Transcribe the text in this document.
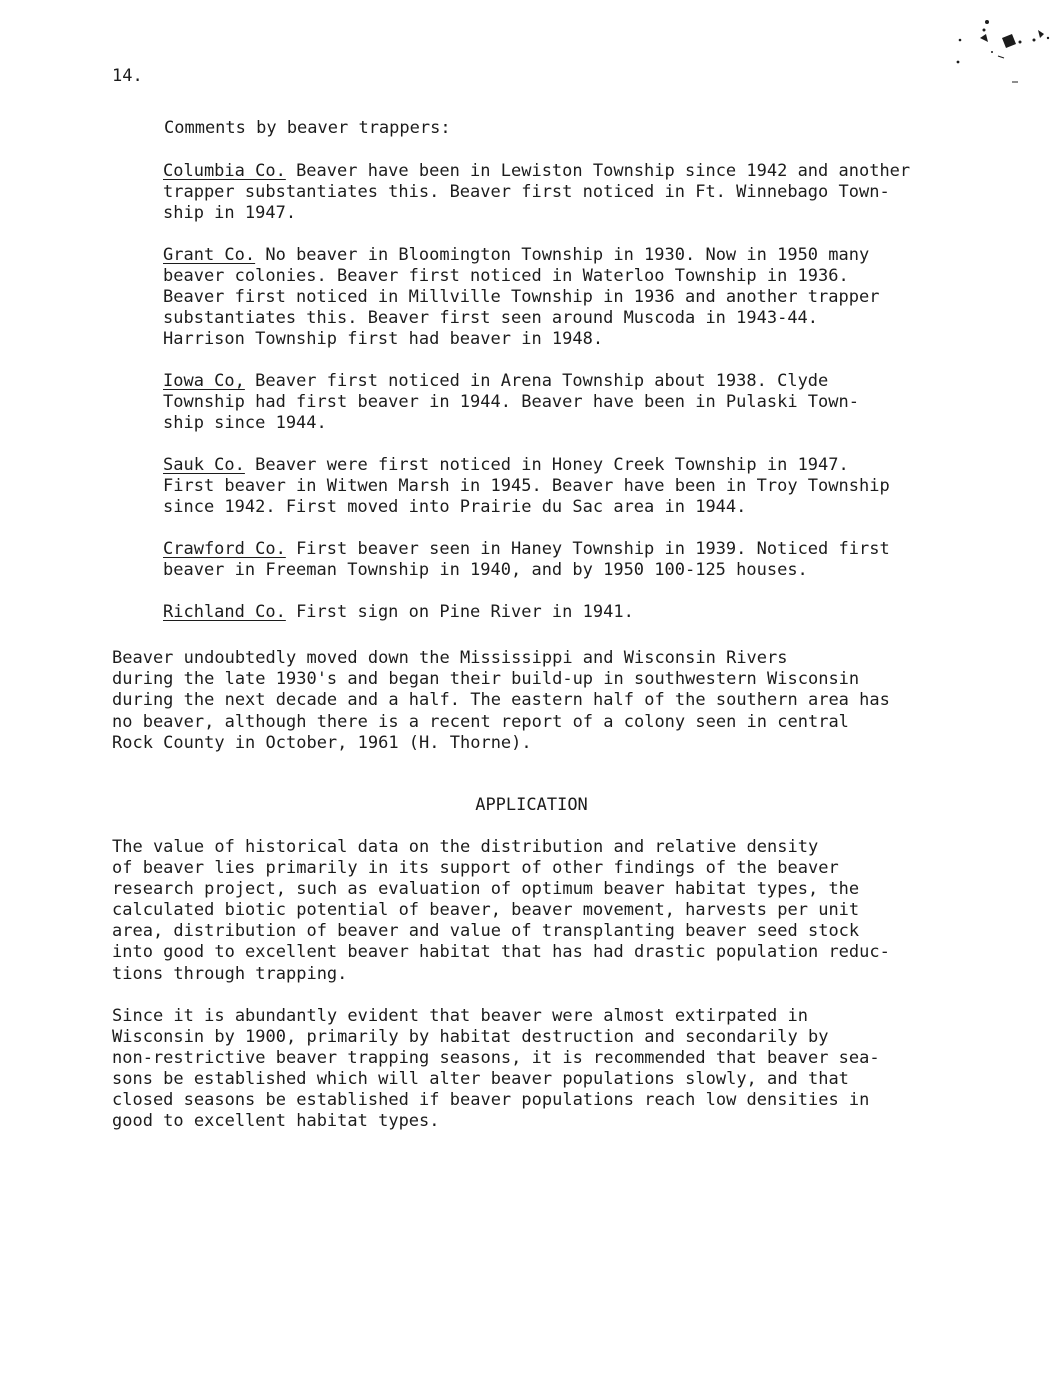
14.

Comments by beaver trappers:

Columbia Co. Beaver have been in Lewiston Township since 1942 and another
trapper substantiates this. Beaver first noticed in Ft. Winnebago Town-
ship in 1947.

Grant Co. No beaver in Bloomington Township in 1930. Now in 1950 many
beaver colonies. Beaver first noticed in Waterloo Township in 1936.
Beaver first noticed in Millville Township in 1936 and another trapper
substantiates this. Beaver first seen around Muscoda in 1943-44.
Harrison Township first had beaver in 1948.

Iowa Co, Beaver first noticed in Arena Township about 1938. Clyde
Township had first beaver in 1944. Beaver have been in Pulaski Town-
ship since 1944.

Sauk Co. Beaver were first noticed in Honey Creek Township in 1947.
First beaver in Witwen Marsh in 1945. Beaver have been in Troy Township
since 1942. First moved into Prairie du Sac area in 1944.

Crawford Co. First beaver seen in Haney Township in 1939. Noticed first
beaver in Freeman Township in 1940, and by 1950 100-125 houses.

Richland Co. First sign on Pine River in 1941.

Beaver undoubtedly moved down the Mississippi and Wisconsin Rivers
during the late 1930's and began their build-up in southwestern Wisconsin
during the next decade and a half. The eastern half of the southern area has
no beaver, although there is a recent report of a colony seen in central
Rock County in October, 1961 (H. Thorne).

APPLICATION

The value of historical data on the distribution and relative density
of beaver lies primarily in its support of other findings of the beaver
research project, such as evaluation of optimum beaver habitat types, the
calculated biotic potential of beaver, beaver movement, harvests per unit
area, distribution of beaver and value of transplanting beaver seed stock
into good to excellent beaver habitat that has had drastic population reduc-
tions through trapping.

Since it is abundantly evident that beaver were almost extirpated in
Wisconsin by 1900, primarily by habitat destruction and secondarily by
non-restrictive beaver trapping seasons, it is recommended that beaver sea-
sons be established which will alter beaver populations slowly, and that
closed seasons be established if beaver populations reach low densities in
good to excellent habitat types.
